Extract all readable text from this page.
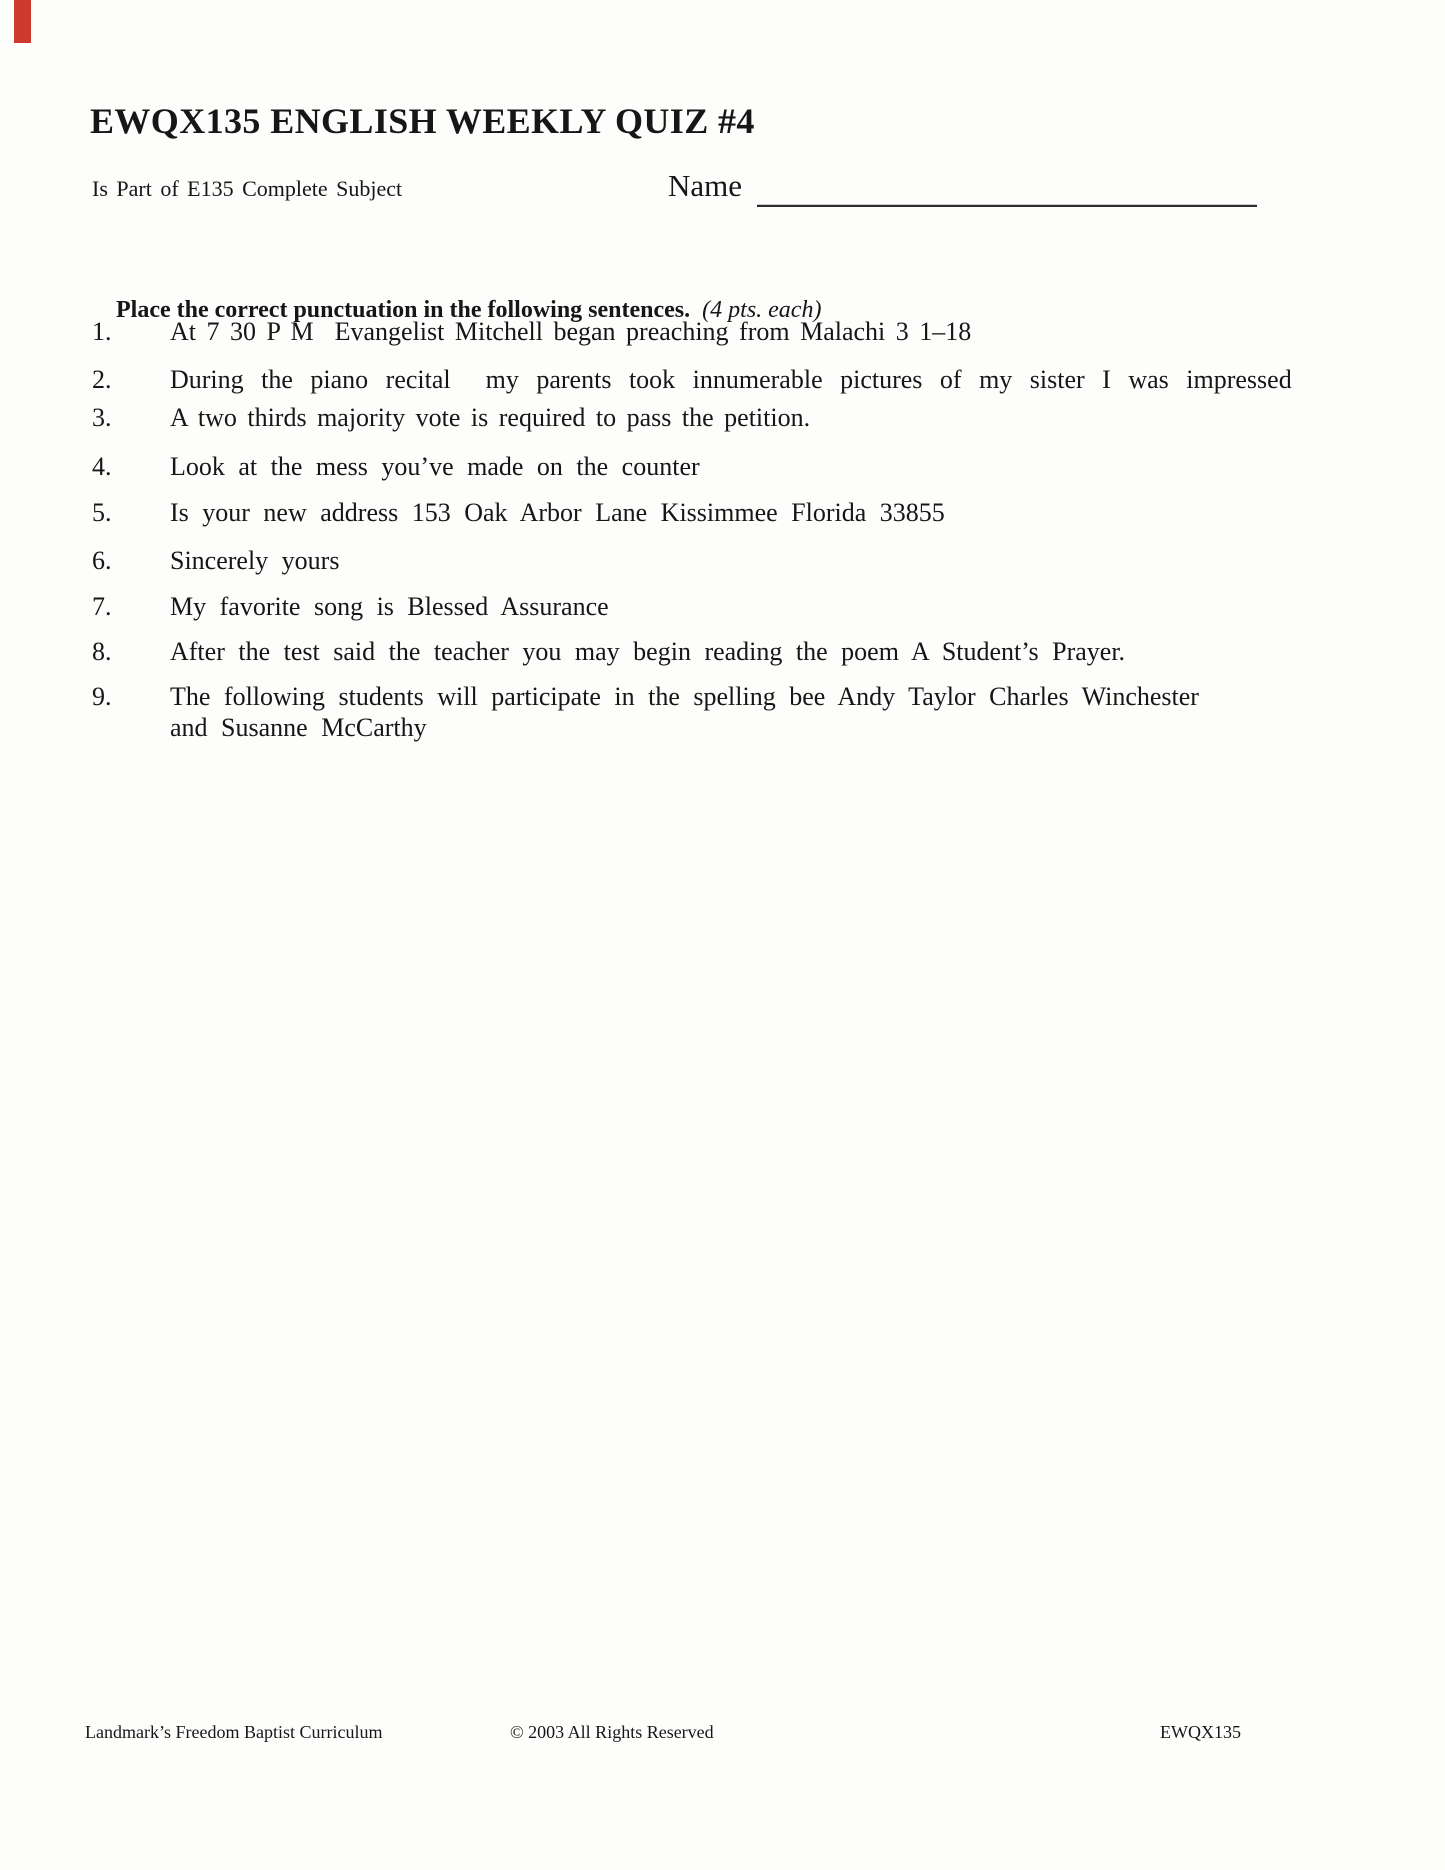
EWQX135 ENGLISH WEEKLY QUIZ #4
Is Part of E135 Complete Subject	Name

Place the correct punctuation in the following sentences. (4 pts. each)

1.	At 7 30 P M  Evangelist Mitchell began preaching from Malachi 3 1–18
2.	During the piano recital  my parents took innumerable pictures of my sister I was impressed
3.	A two thirds majority vote is required to pass the petition.
4.	Look at the mess you’ve made on the counter
5.	Is your new address 153 Oak Arbor Lane Kissimmee Florida 33855
6.	Sincerely yours
7.	My favorite song is Blessed Assurance
8.	After the test said the teacher you may begin reading the poem A Student’s Prayer.
9.	The following students will participate in the spelling bee Andy Taylor Charles Winchester
and Susanne McCarthy

Landmark’s Freedom Baptist Curriculum

	© 2003 All Rights Reserved

	EWQX135
